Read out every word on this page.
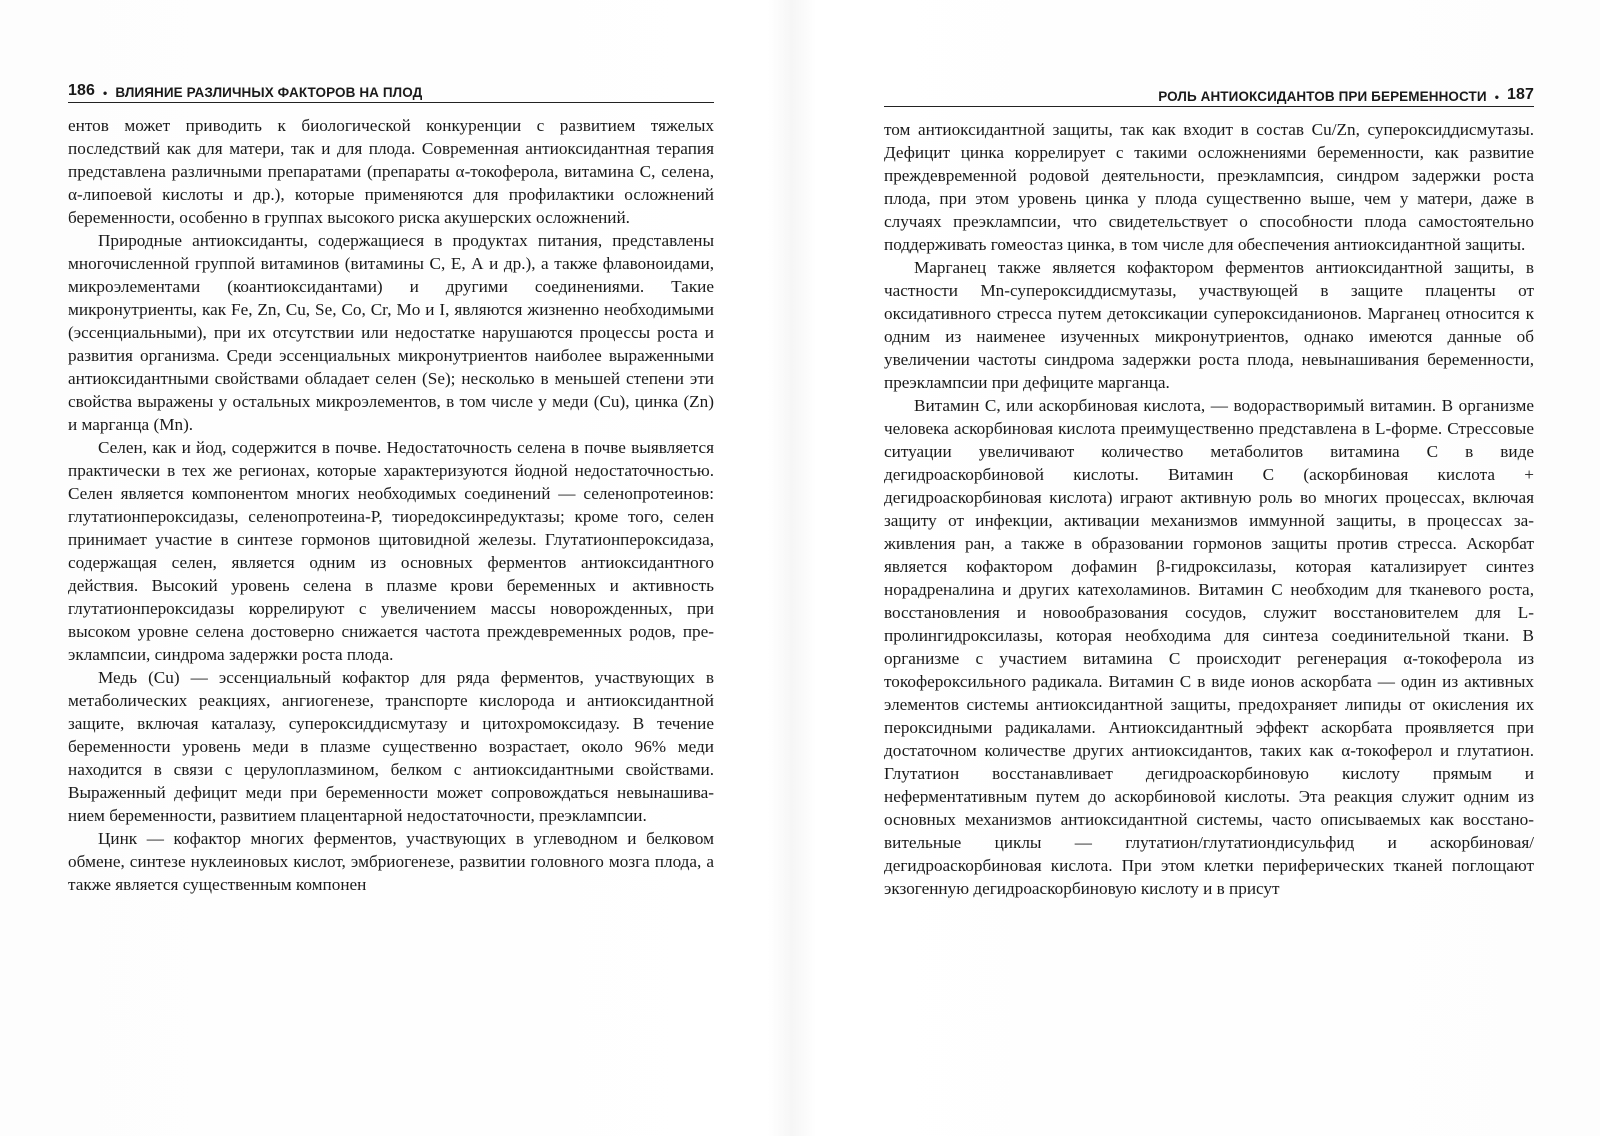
186 • ВЛИЯНИЕ РАЗЛИЧНЫХ ФАКТОРОВ НА ПЛОД

ентов может приводить к биологической конкуренции с развитием тяжелых последствий как для матери, так и для плода. Современная антиоксидантная терапия представлена различными препаратами (препараты α-токоферола, витамина С, селена, α-липоевой кислоты и др.), которые применяются для профилактики осложнений беременности, особенно в группах высокого риска акушерских осложнений.

Природные антиоксиданты, содержащиеся в продуктах питания, представлены многочисленной группой витаминов (витамины С, Е, А и др.), а также флавоноидами, микроэлементами (коантиоксидантами) и другими соединениями. Такие микронутриенты, как Fe, Zn, Cu, Se, Co, Cr, Mo и I, являются жизненно необходимыми (эссенциальными), при их отсутствии или недостатке нарушаются процессы роста и развития организма. Среди эссенциальных микронутриентов наиболее выраженными антиоксидантными свойствами обладает селен (Se); несколько в меньшей степени эти свойства выражены у остальных микроэлементов, в том числе у меди (Cu), цинка (Zn) и марганца (Mn).

Селен, как и йод, содержится в почве. Недостаточность селена в почве выявляется практически в тех же регионах, которые характеризуются йодной недостаточностью. Селен является компонентом многих необходимых соединений — селенопротеинов: глутатионпероксидазы, селенопротеина-Р, тиоредоксинредуктазы; кроме того, селен принимает участие в синтезе гормонов щитовидной железы. Глутатионпероксидаза, содержащая селен, является одним из основных ферментов антиоксидантного действия. Высокий уровень селена в плазме крови беременных и активность глутатионпероксидазы коррелируют с увеличением массы новорожденных, при высоком уровне селена достоверно снижается частота преждевременных родов, преэклампсии, синдрома задержки роста плода.

Медь (Cu) — эссенциальный кофактор для ряда ферментов, участвующих в метаболических реакциях, ангиогенезе, транспорте кислорода и антиоксидантной защите, включая каталазу, супероксиддисмутазу и цитохромоксидазу. В течение беременности уровень меди в плазме существенно возрастает, около 96% меди находится в связи с церулоплазмином, белком с антиоксидантными свойствами. Выраженный дефицит меди при беременности может сопровождаться невынашиванием беременности, развитием плацентарной недостаточности, преэклампсии.

Цинк — кофактор многих ферментов, участвующих в углеводном и белковом обмене, синтезе нуклеиновых кислот, эмбриогенезе, развитии головного мозга плода, а также является существенным компонен

РОЛЬ АНТИОКСИДАНТОВ ПРИ БЕРЕМЕННОСТИ • 187

том антиоксидантной защиты, так как входит в состав Cu/Zn, супероксиддисмутазы. Дефицит цинка коррелирует с такими осложнениями беременности, как развитие преждевременной родовой деятельности, преэклампсия, синдром задержки роста плода, при этом уровень цинка у плода существенно выше, чем у матери, даже в случаях преэклампсии, что свидетельствует о способности плода самостоятельно поддерживать гомеостаз цинка, в том числе для обеспечения антиоксидантной защиты.

Марганец также является кофактором ферментов антиоксидантной защиты, в частности Mn-супероксиддисмутазы, участвующей в защите плаценты от оксидативного стресса путем детоксикации супероксиданионов. Марганец относится к одним из наименее изученных микронутриентов, однако имеются данные об увеличении частоты синдрома задержки роста плода, невынашивания беременности, преэклампсии при дефиците марганца.

Витамин С, или аскорбиновая кислота, — водорастворимый витамин. В организме человека аскорбиновая кислота преимущественно представлена в L-форме. Стрессовые ситуации увеличивают количество метаболитов витамина С в виде дегидроаскорбиновой кислоты. Витамин С (аскорбиновая кислота + дегидроаскорбиновая кислота) играют активную роль во многих процессах, включая защиту от инфекции, активации механизмов иммунной защиты, в процессах заживления ран, а также в образовании гормонов защиты против стресса. Аскорбат является кофактором дофамин β-гидроксилазы, которая катализирует синтез норадреналина и других катехоламинов. Витамин С необходим для тканевого роста, восстановления и новообразования сосудов, служит восстановителем для L-пролингидроксилазы, которая необходима для синтеза соединительной ткани. В организме с участием витамина С происходит регенерация α-токоферола из токофероксильного радикала. Витамин С в виде ионов аскорбата — один из активных элементов системы антиоксидантной защиты, предохраняет липиды от окисления их пероксидными радикалами. Антиоксидантный эффект аскорбата проявляется при достаточном количестве других антиоксидантов, таких как α-токоферол и глутатион. Глутатион восстанавливает дегидроаскорбиновую кислоту прямым и неферментативным путем до аскорбиновой кислоты. Эта реакция служит одним из основных механизмов антиоксидантной системы, часто описываемых как восстановительные циклы — глутатион/глутатиондисульфид и аскорбиновая/ дегидроаскорбиновая кислота. При этом клетки периферических тканей поглощают экзогенную дегидроаскорбиновую кислоту и в присут
